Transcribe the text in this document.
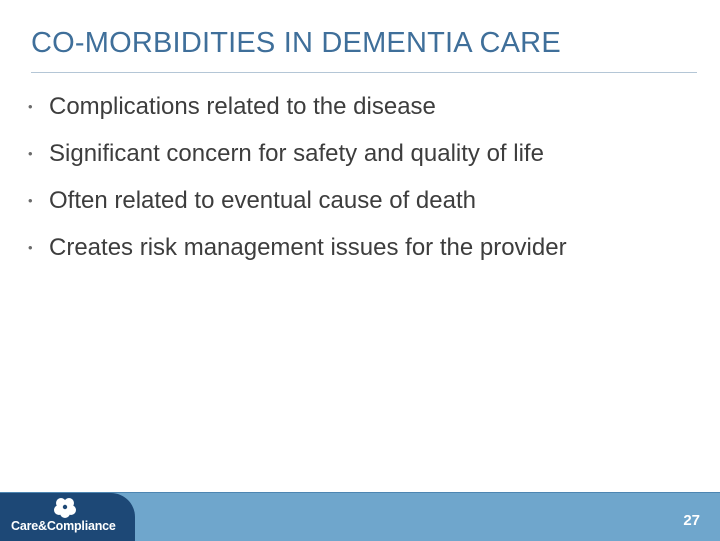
CO-MORBIDITIES IN DEMENTIA CARE
• Complications related to the disease
• Significant concern for safety and quality of life
• Often related to eventual cause of death
• Creates risk management issues for the provider
Care&Compliance	27
